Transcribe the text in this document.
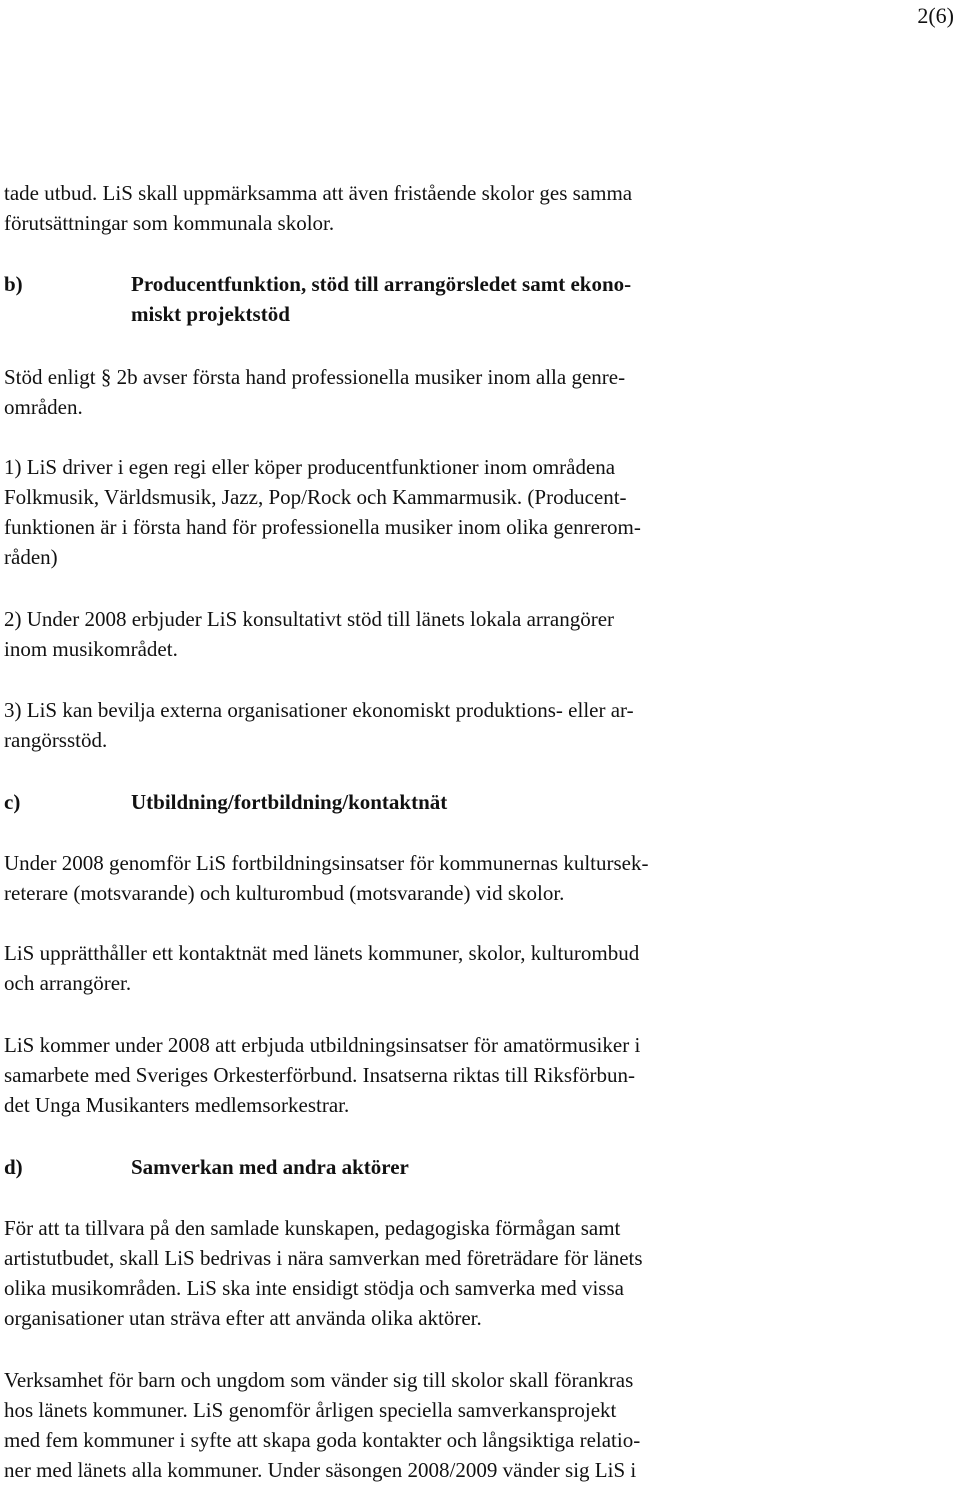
2(6)
tade utbud. LiS skall uppmärksamma att även fristående skolor ges samma
förutsättningar som kommunala skolor.
b)	Producentfunktion, stöd till arrangörsledet samt ekono-
miskt projektstöd
Stöd enligt § 2b avser första hand professionella musiker inom alla genre-
områden.
1) LiS driver i egen regi eller köper producentfunktioner inom områdena
Folkmusik, Världsmusik, Jazz, Pop/Rock och Kammarmusik. (Producent-
funktionen är i första hand för professionella musiker inom olika genrerom-
råden)
2) Under 2008 erbjuder LiS konsultativt stöd till länets lokala arrangörer
inom musikområdet.
3) LiS kan bevilja externa organisationer ekonomiskt produktions- eller ar-
rangörsstöd.
c)	Utbildning/fortbildning/kontaktnät
Under 2008 genomför LiS fortbildningsinsatser för kommunernas kultursek-
reterare (motsvarande) och kulturombud (motsvarande) vid skolor.
LiS upprätthåller ett kontaktnät med länets kommuner, skolor, kulturombud
och arrangörer.
LiS kommer under 2008 att erbjuda utbildningsinsatser för amatörmusiker i
samarbete med Sveriges Orkesterförbund. Insatserna riktas till Riksförbun-
det Unga Musikanters medlemsorkestrar.
d)	Samverkan med andra aktörer
För att ta tillvara på den samlade kunskapen, pedagogiska förmågan samt
artistutbudet, skall LiS bedrivas i nära samverkan med företrädare för länets
olika musikområden. LiS ska inte ensidigt stödja och samverka med vissa
organisationer utan sträva efter att använda olika aktörer.
Verksamhet för barn och ungdom som vänder sig till skolor skall förankras
hos länets kommuner. LiS genomför årligen speciella samverkansprojekt
med fem kommuner i syfte att skapa goda kontakter och långsiktiga relatio-
ner med länets alla kommuner. Under säsongen 2008/2009 vänder sig LiS i
